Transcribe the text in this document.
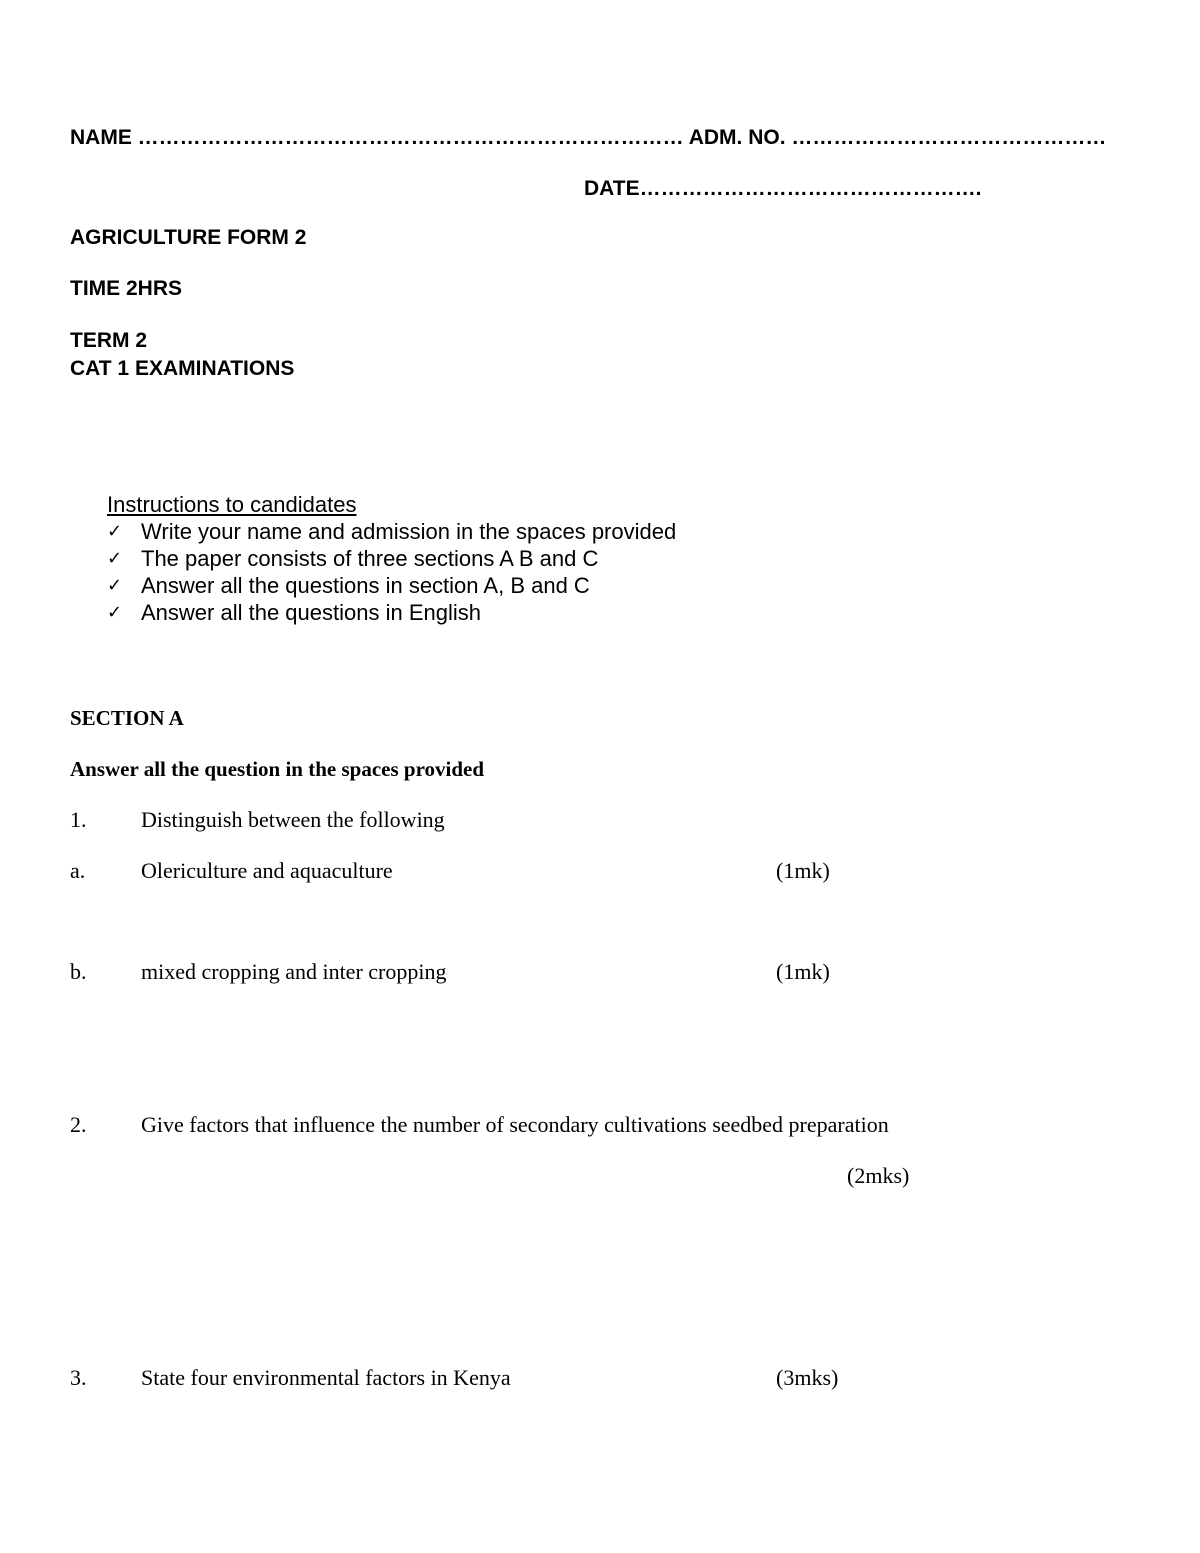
NAME …………………………………………………………………… ADM. NO. ………………………………………
DATE………………………………………….
AGRICULTURE FORM 2
TIME 2HRS
TERM 2
CAT 1 EXAMINATIONS
Instructions to candidates
✓ Write your name and admission in the spaces provided
✓ The paper consists of three sections A B and C
✓ Answer all the questions in section A, B and C
✓ Answer all the questions in English
SECTION A
Answer all the question in the spaces provided
1. Distinguish between the following
a.	Olericulture and aquaculture	(1mk)
b. mixed cropping and inter cropping	(1mk)
2. Give factors that influence the number of secondary cultivations seedbed preparation
(2mks)
3. State four environmental factors in Kenya	(3mks)
